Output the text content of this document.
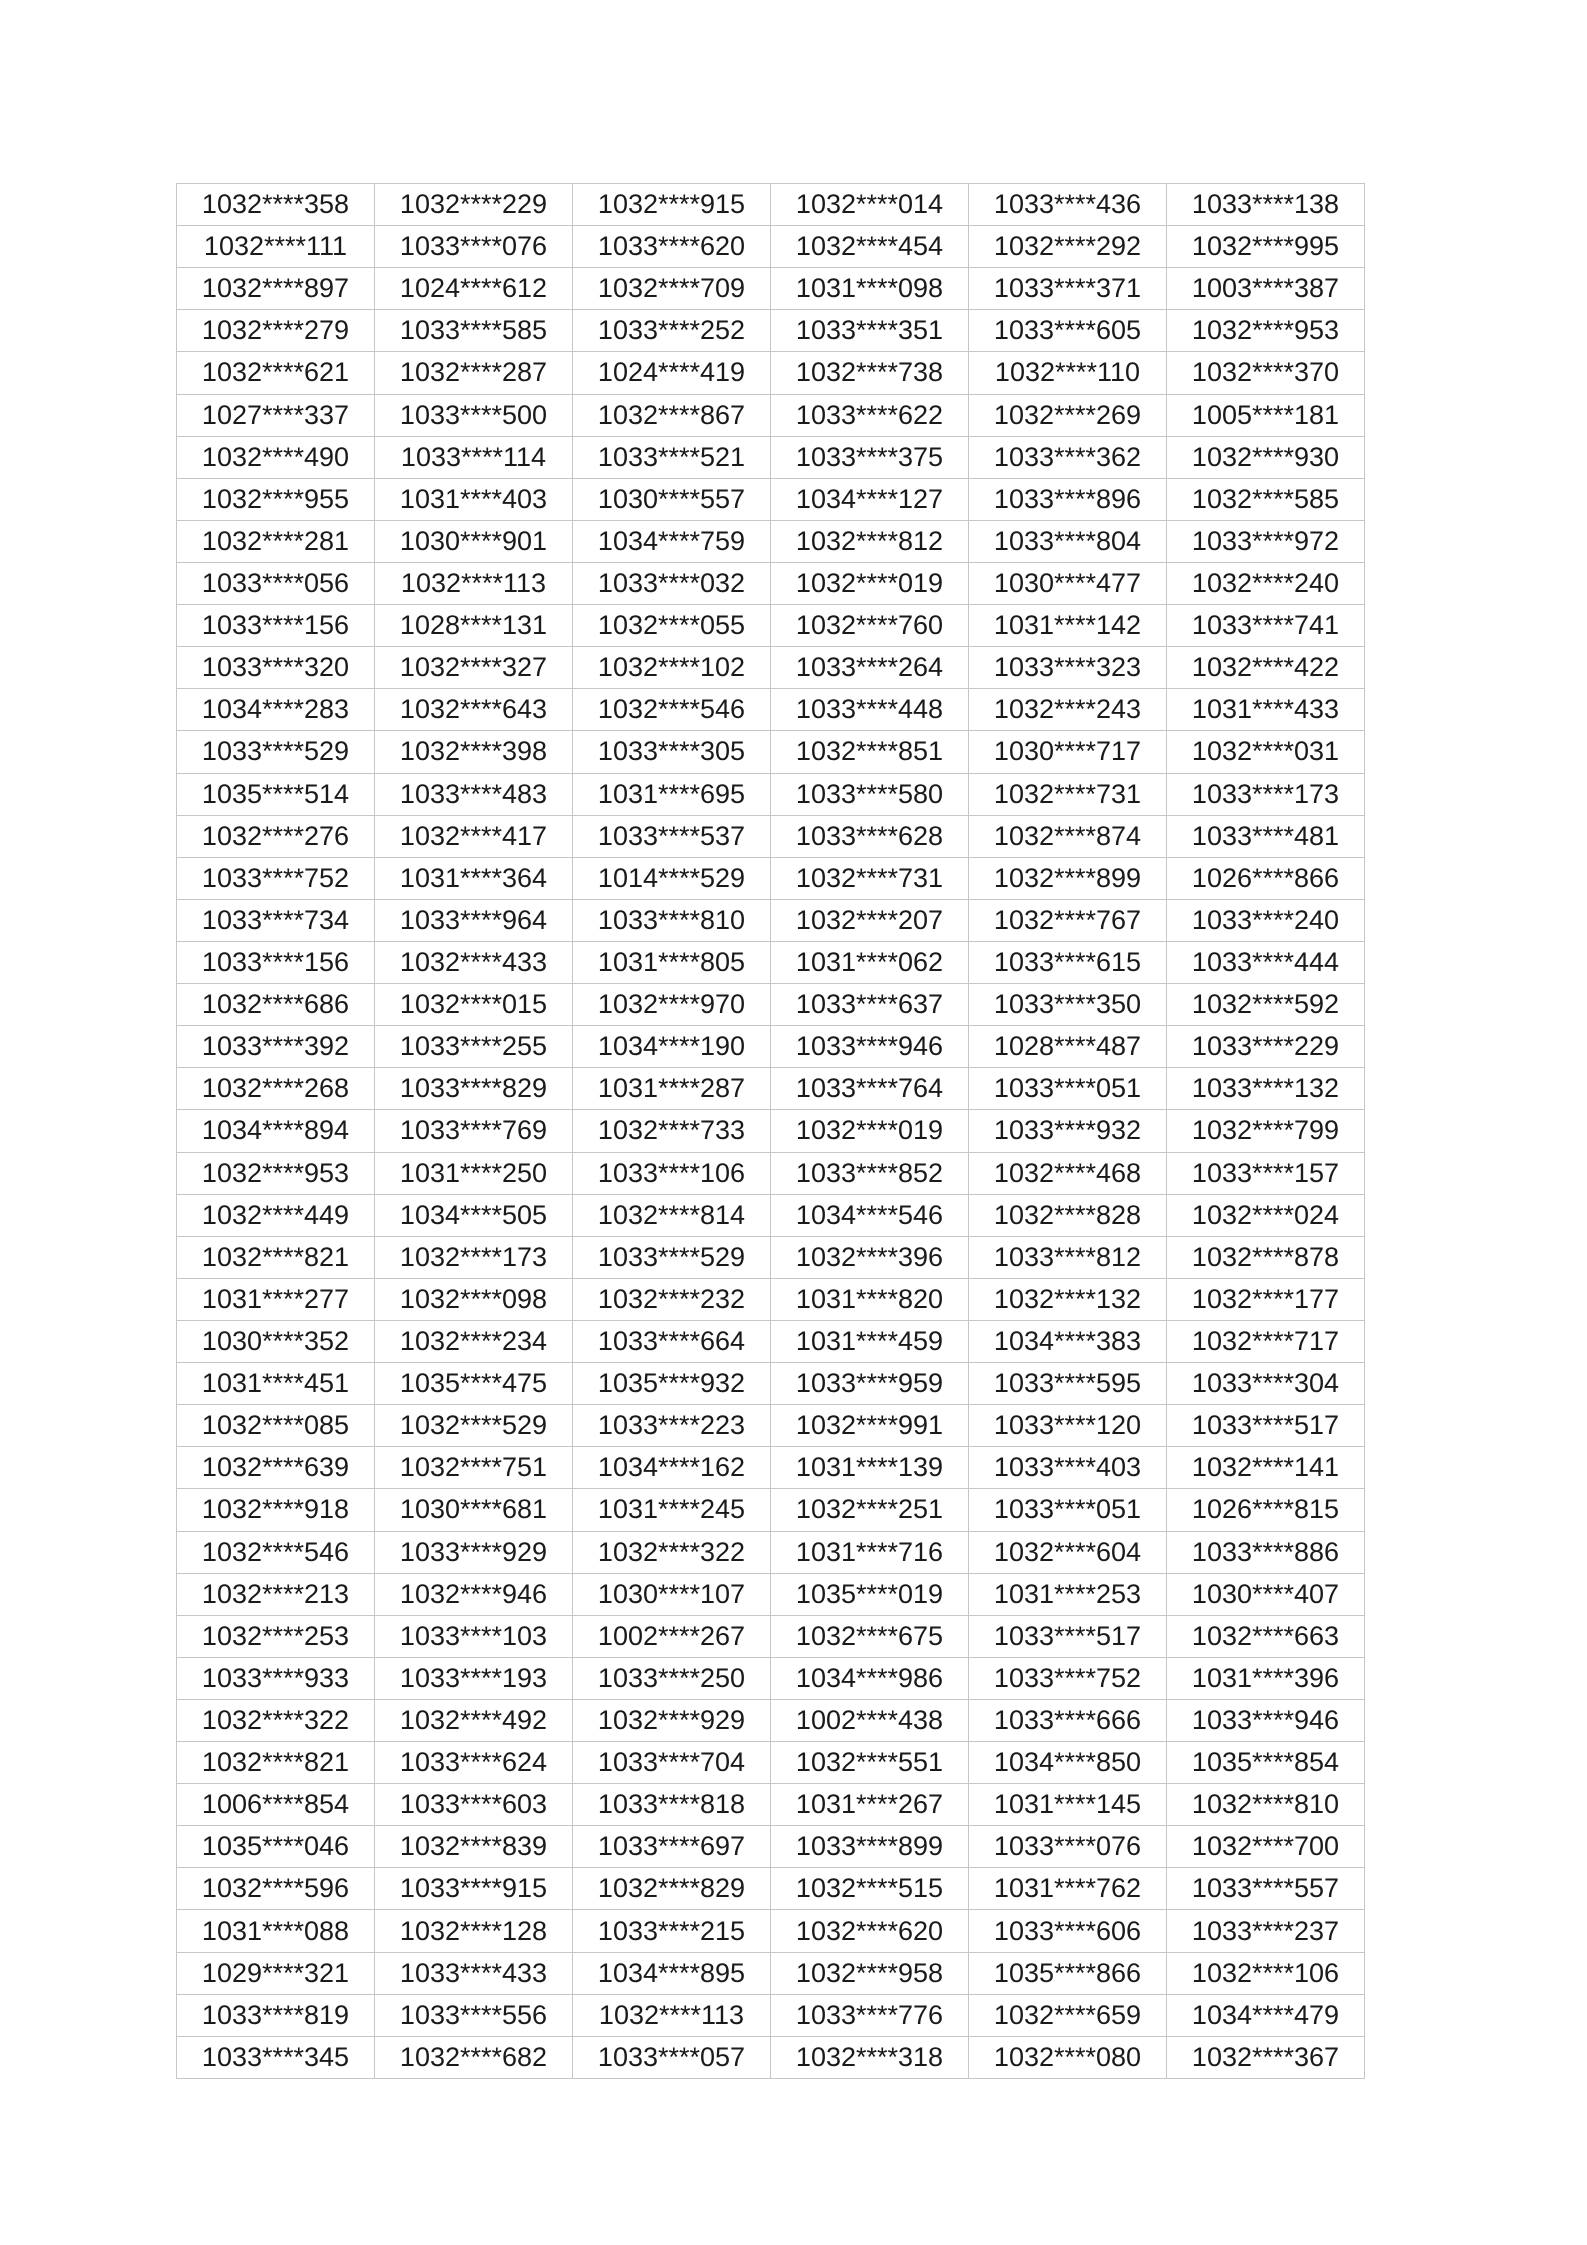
1032****358	1032****229	1032****915	1032****014	1033****436	1033****138
1032****111	1033****076	1033****620	1032****454	1032****292	1032****995
1032****897	1024****612	1032****709	1031****098	1033****371	1003****387
1032****279	1033****585	1033****252	1033****351	1033****605	1032****953
1032****621	1032****287	1024****419	1032****738	1032****110	1032****370
1027****337	1033****500	1032****867	1033****622	1032****269	1005****181
1032****490	1033****114	1033****521	1033****375	1033****362	1032****930
1032****955	1031****403	1030****557	1034****127	1033****896	1032****585
1032****281	1030****901	1034****759	1032****812	1033****804	1033****972
1033****056	1032****113	1033****032	1032****019	1030****477	1032****240
1033****156	1028****131	1032****055	1032****760	1031****142	1033****741
1033****320	1032****327	1032****102	1033****264	1033****323	1032****422
1034****283	1032****643	1032****546	1033****448	1032****243	1031****433
1033****529	1032****398	1033****305	1032****851	1030****717	1032****031
1035****514	1033****483	1031****695	1033****580	1032****731	1033****173
1032****276	1032****417	1033****537	1033****628	1032****874	1033****481
1033****752	1031****364	1014****529	1032****731	1032****899	1026****866
1033****734	1033****964	1033****810	1032****207	1032****767	1033****240
1033****156	1032****433	1031****805	1031****062	1033****615	1033****444
1032****686	1032****015	1032****970	1033****637	1033****350	1032****592
1033****392	1033****255	1034****190	1033****946	1028****487	1033****229
1032****268	1033****829	1031****287	1033****764	1033****051	1033****132
1034****894	1033****769	1032****733	1032****019	1033****932	1032****799
1032****953	1031****250	1033****106	1033****852	1032****468	1033****157
1032****449	1034****505	1032****814	1034****546	1032****828	1032****024
1032****821	1032****173	1033****529	1032****396	1033****812	1032****878
1031****277	1032****098	1032****232	1031****820	1032****132	1032****177
1030****352	1032****234	1033****664	1031****459	1034****383	1032****717
1031****451	1035****475	1035****932	1033****959	1033****595	1033****304
1032****085	1032****529	1033****223	1032****991	1033****120	1033****517
1032****639	1032****751	1034****162	1031****139	1033****403	1032****141
1032****918	1030****681	1031****245	1032****251	1033****051	1026****815
1032****546	1033****929	1032****322	1031****716	1032****604	1033****886
1032****213	1032****946	1030****107	1035****019	1031****253	1030****407
1032****253	1033****103	1002****267	1032****675	1033****517	1032****663
1033****933	1033****193	1033****250	1034****986	1033****752	1031****396
1032****322	1032****492	1032****929	1002****438	1033****666	1033****946
1032****821	1033****624	1033****704	1032****551	1034****850	1035****854
1006****854	1033****603	1033****818	1031****267	1031****145	1032****810
1035****046	1032****839	1033****697	1033****899	1033****076	1032****700
1032****596	1033****915	1032****829	1032****515	1031****762	1033****557
1031****088	1032****128	1033****215	1032****620	1033****606	1033****237
1029****321	1033****433	1034****895	1032****958	1035****866	1032****106
1033****819	1033****556	1032****113	1033****776	1032****659	1034****479
1033****345	1032****682	1033****057	1032****318	1032****080	1032****367
